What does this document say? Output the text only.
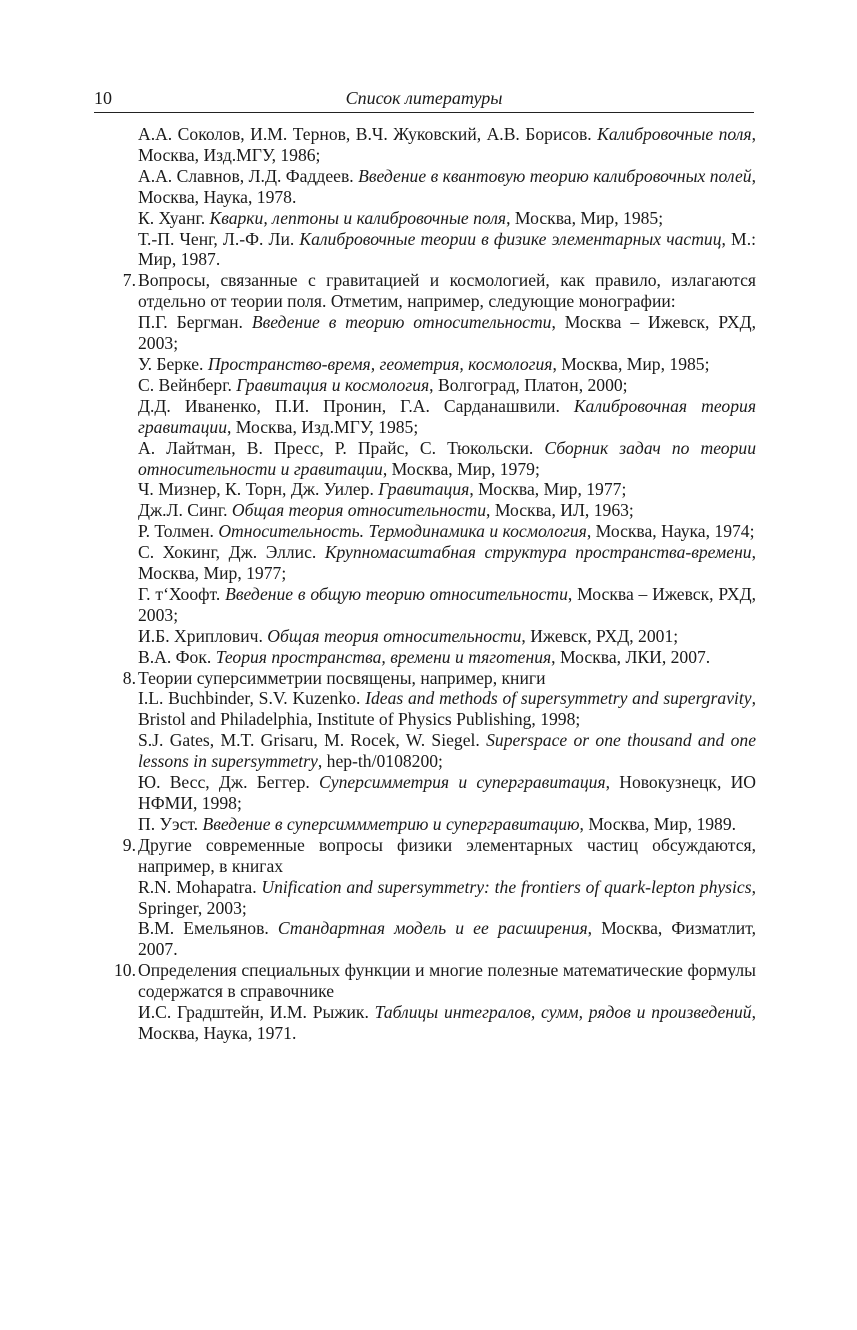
10	Список литературы

А.А. Соколов, И.М. Тернов, В.Ч. Жуковский, А.В. Борисов. Калибровочные поля, Москва, Изд.МГУ, 1986;

А.А. Славнов, Л.Д. Фаддеев. Введение в квантовую теорию калибровочных полей, Москва, Наука, 1978.

К. Хуанг. Кварки, лептоны и калибровочные поля, Москва, Мир, 1985;

Т.-П. Ченг, Л.-Ф. Ли. Калибровочные теории в физике элементарных частиц, М.: Мир, 1987.

7. Вопросы, связанные с гравитацией и космологией, как правило, излагаются отдельно от теории поля. Отметим, например, следующие монографии:

П.Г. Бергман. Введение в теорию относительности, Москва – Ижевск, РХД, 2003;

У. Берке. Пространство-время, геометрия, космология, Москва, Мир, 1985;

С. Вейнберг. Гравитация и космология, Волгоград, Платон, 2000;

Д.Д. Иваненко, П.И. Пронин, Г.А. Сарданашвили. Калибровочная теория гравитации, Москва, Изд.МГУ, 1985;

А. Лайтман, В. Пресс, Р. Прайс, С. Тюкольски. Сборник задач по теории относительности и гравитации, Москва, Мир, 1979;

Ч. Мизнер, К. Торн, Дж. Уилер. Гравитация, Москва, Мир, 1977;

Дж.Л. Синг. Общая теория относительности, Москва, ИЛ, 1963;

Р. Толмен. Относительность. Термодинамика и космология, Москва, Наука, 1974;

С. Хокинг, Дж. Эллис. Крупномасштабная структура пространства-времени, Москва, Мир, 1977;

Г. т‘Хоофт. Введение в общую теорию относительности, Москва – Ижевск, РХД, 2003;

И.Б. Хриплович. Общая теория относительности, Ижевск, РХД, 2001;

В.А. Фок. Теория пространства, времени и тяготения, Москва, ЛКИ, 2007.

8. Теории суперсимметрии посвящены, например, книги

I.L. Buchbinder, S.V. Kuzenko. Ideas and methods of supersymmetry and supergravity, Bristol and Philadelphia, Institute of Physics Publishing, 1998;

S.J. Gates, M.T. Grisaru, M. Rocek, W. Siegel. Superspace or one thousand and one lessons in supersymmetry, hep-th/0108200;

Ю. Весс, Дж. Беггер. Суперсимметрия и супергравитация, Новокузнецк, ИО НФМИ, 1998;

П. Уэст. Введение в суперсиммметрию и супергравитацию, Москва, Мир, 1989.

9. Другие современные вопросы физики элементарных частиц обсуждаются, например, в книгах

R.N. Mohapatra. Unification and supersymmetry: the frontiers of quark-lepton physics, Springer, 2003;

В.М. Емельянов. Стандартная модель и ее расширения, Москва, Физматлит, 2007.

10. Определения специальных функции и многие полезные математические формулы содержатся в справочнике

И.С. Градштейн, И.М. Рыжик. Таблицы интегралов, сумм, рядов и произведений, Москва, Наука, 1971.
